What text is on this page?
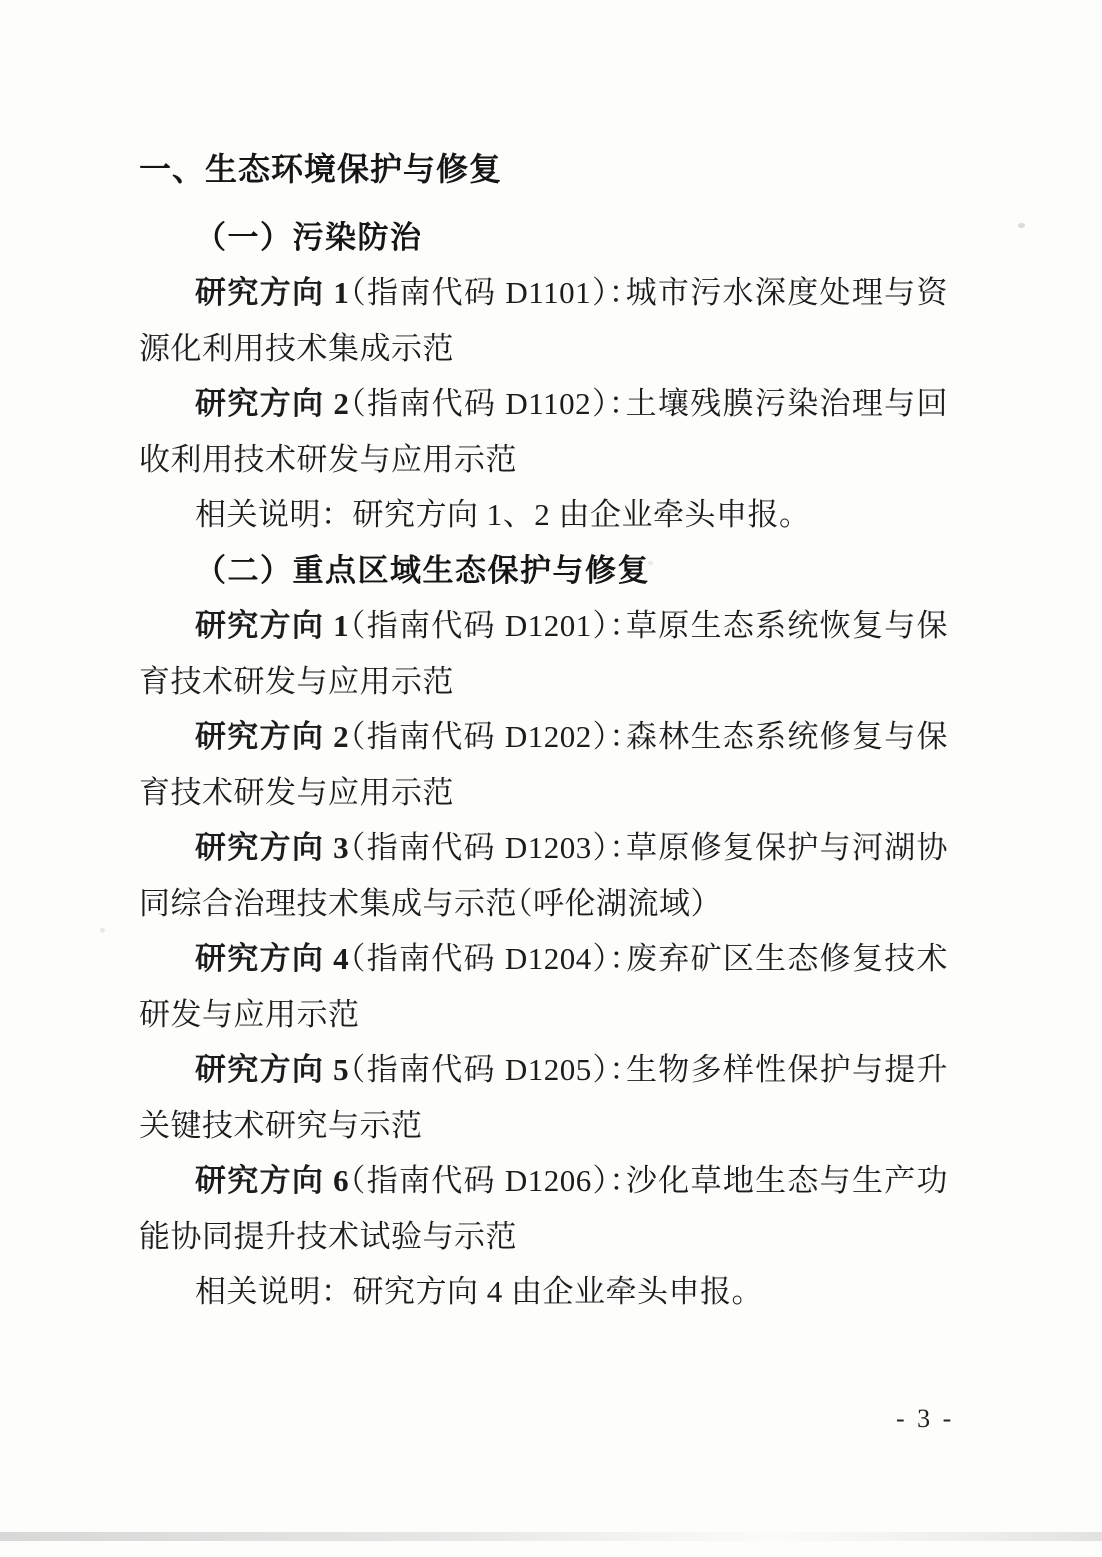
一、生态环境保护与修复
（一）污染防治

研究方向 1（指南代码 D1101）：城市污水深度处理与资源化利用技术集成示范

研究方向 2（指南代码 D1102）：土壤残膜污染治理与回收利用技术研发与应用示范

相关说明：研究方向 1、2 由企业牵头申报。

（二）重点区域生态保护与修复

研究方向 1（指南代码 D1201）：草原生态系统恢复与保育技术研发与应用示范

研究方向 2（指南代码 D1202）：森林生态系统修复与保育技术研发与应用示范

研究方向 3（指南代码 D1203）：草原修复保护与河湖协同综合治理技术集成与示范（呼伦湖流域）

研究方向 4（指南代码 D1204）：废弃矿区生态修复技术研发与应用示范

研究方向 5（指南代码 D1205）：生物多样性保护与提升关键技术研究与示范

研究方向 6（指南代码 D1206）：沙化草地生态与生产功能协同提升技术试验与示范

相关说明：研究方向 4 由企业牵头申报。

- 3 -
